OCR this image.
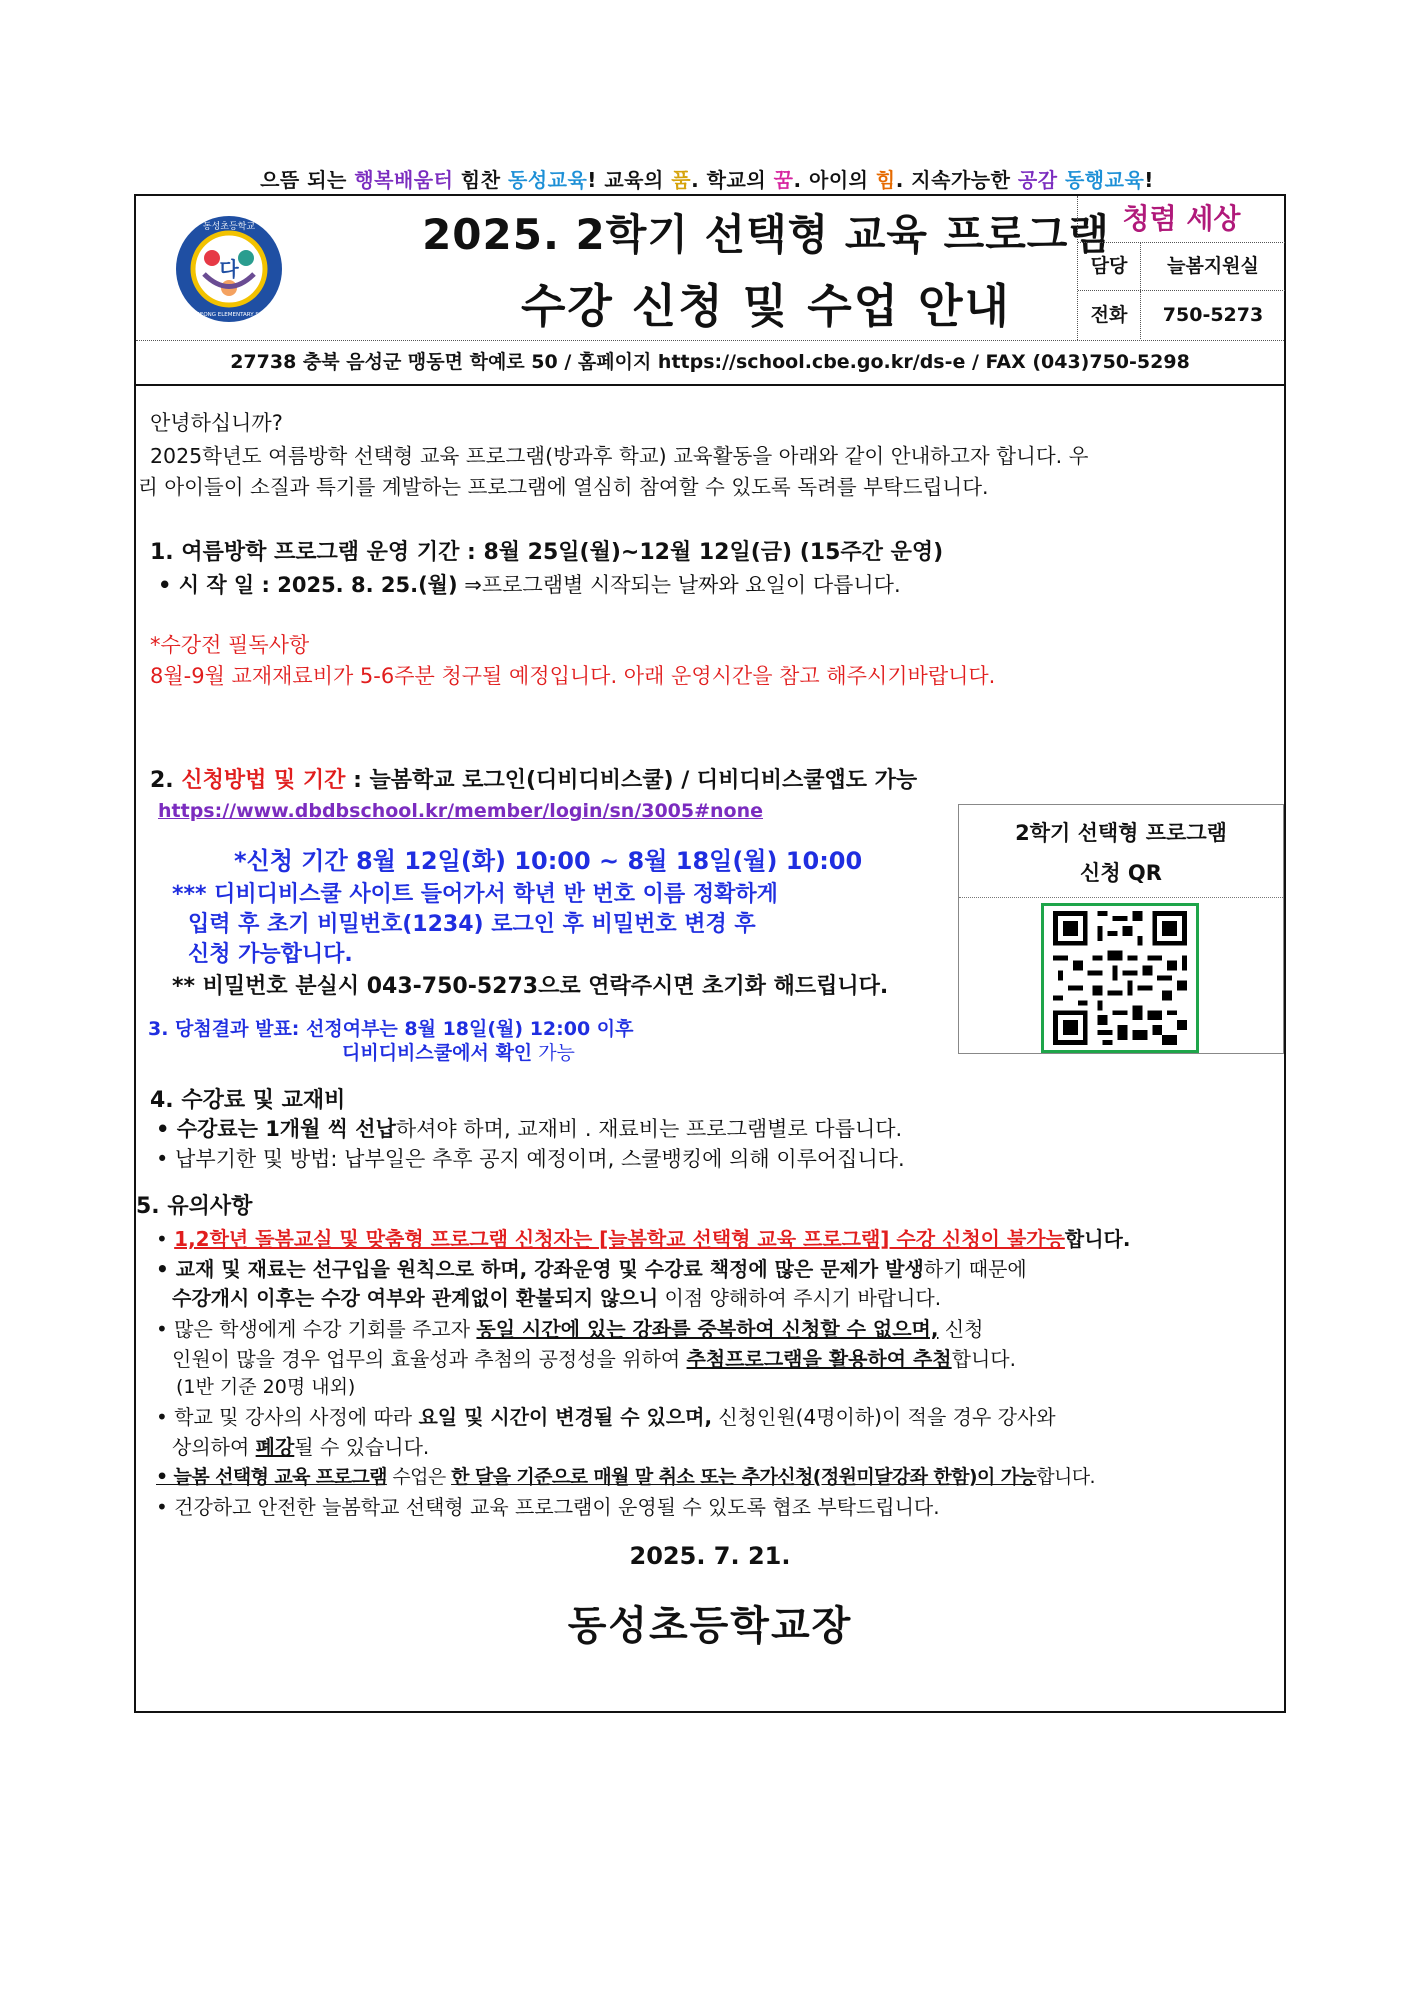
으뜸 되는 행복배움터 힘찬 동성교육! 교육의 품. 학교의 꿈. 아이의 힘. 지속가능한 공감 동행교육!
다
동성초등학교
DONGSEONG ELEMENTARY SCHOOL
2025. 2학기 선택형 교육 프로그램
수강 신청 및 수업 안내
청렴 세상
담당	늘봄지원실
전화	750-5273
27738 충북 음성군 맹동면 학예로 50 / 홈페이지 https://school.cbe.go.kr/ds-e / FAX (043)750-5298
안녕하십니까?
2025학년도 여름방학 선택형 교육 프로그램(방과후 학교) 교육활동을 아래와 같이 안내하고자 합니다. 우
리 아이들이 소질과 특기를 계발하는 프로그램에 열심히 참여할 수 있도록 독려를 부탁드립니다.
1. 여름방학 프로그램 운영 기간 : 8월 25일(월)~12월 12일(금) (15주간 운영)
• 시 작 일 : 2025. 8. 25.(월) ⇒프로그램별 시작되는 날짜와 요일이 다릅니다.
*수강전 필독사항
8월-9월 교재재료비가 5-6주분 청구될 예정입니다. 아래 운영시간을 참고 해주시기바랍니다.
2. 신청방법 및 기간 : 늘봄학교 로그인(디비디비스쿨) / 디비디비스쿨앱도 가능
https://www.dbdbschool.kr/member/login/sn/3005#none
*신청 기간 8월 12일(화) 10:00 ~ 8월 18일(월) 10:00
*** 디비디비스쿨 사이트 들어가서 학년 반 번호 이름 정확하게
입력 후 초기 비밀번호(1234) 로그인 후 비밀번호 변경 후
신청 가능합니다.
** 비밀번호 분실시 043-750-5273으로 연락주시면 초기화 해드립니다.
2학기 선택형 프로그램
신청 QR
3. 당첨결과 발표: 선정여부는 8월 18일(월) 12:00 이후
디비디비스쿨에서 확인 가능
4. 수강료 및 교재비
• 수강료는 1개월 씩 선납하셔야 하며, 교재비 . 재료비는 프로그램별로 다릅니다.
• 납부기한 및 방법: 납부일은 추후 공지 예정이며, 스쿨뱅킹에 의해 이루어집니다.
5. 유의사항
• 1,2학년 돌봄교실 및 맞춤형 프로그램 신청자는 [늘봄학교 선택형 교육 프로그램] 수강 신청이 불가능합니다.
• 교재 및 재료는 선구입을 원칙으로 하며, 강좌운영 및 수강료 책정에 많은 문제가 발생하기 때문에
수강개시 이후는 수강 여부와 관계없이 환불되지 않으니 이점 양해하여 주시기 바랍니다.
• 많은 학생에게 수강 기회를 주고자 동일 시간에 있는 강좌를 중복하여 신청할 수 없으며, 신청
인원이 많을 경우 업무의 효율성과 추첨의 공정성을 위하여 추첨프로그램을 활용하여 추첨합니다.
(1반 기준 20명 내외)
• 학교 및 강사의 사정에 따라 요일 및 시간이 변경될 수 있으며, 신청인원(4명이하)이 적을 경우 강사와
상의하여 폐강될 수 있습니다.
• 늘봄 선택형 교육 프로그램 수업은 한 달을 기준으로 매월 말 취소 또는 추가신청(정원미달강좌 한함)이 가능합니다.
• 건강하고 안전한 늘봄학교 선택형 교육 프로그램이 운영될 수 있도록 협조 부탁드립니다.
2025. 7. 21.
동성초등학교장
